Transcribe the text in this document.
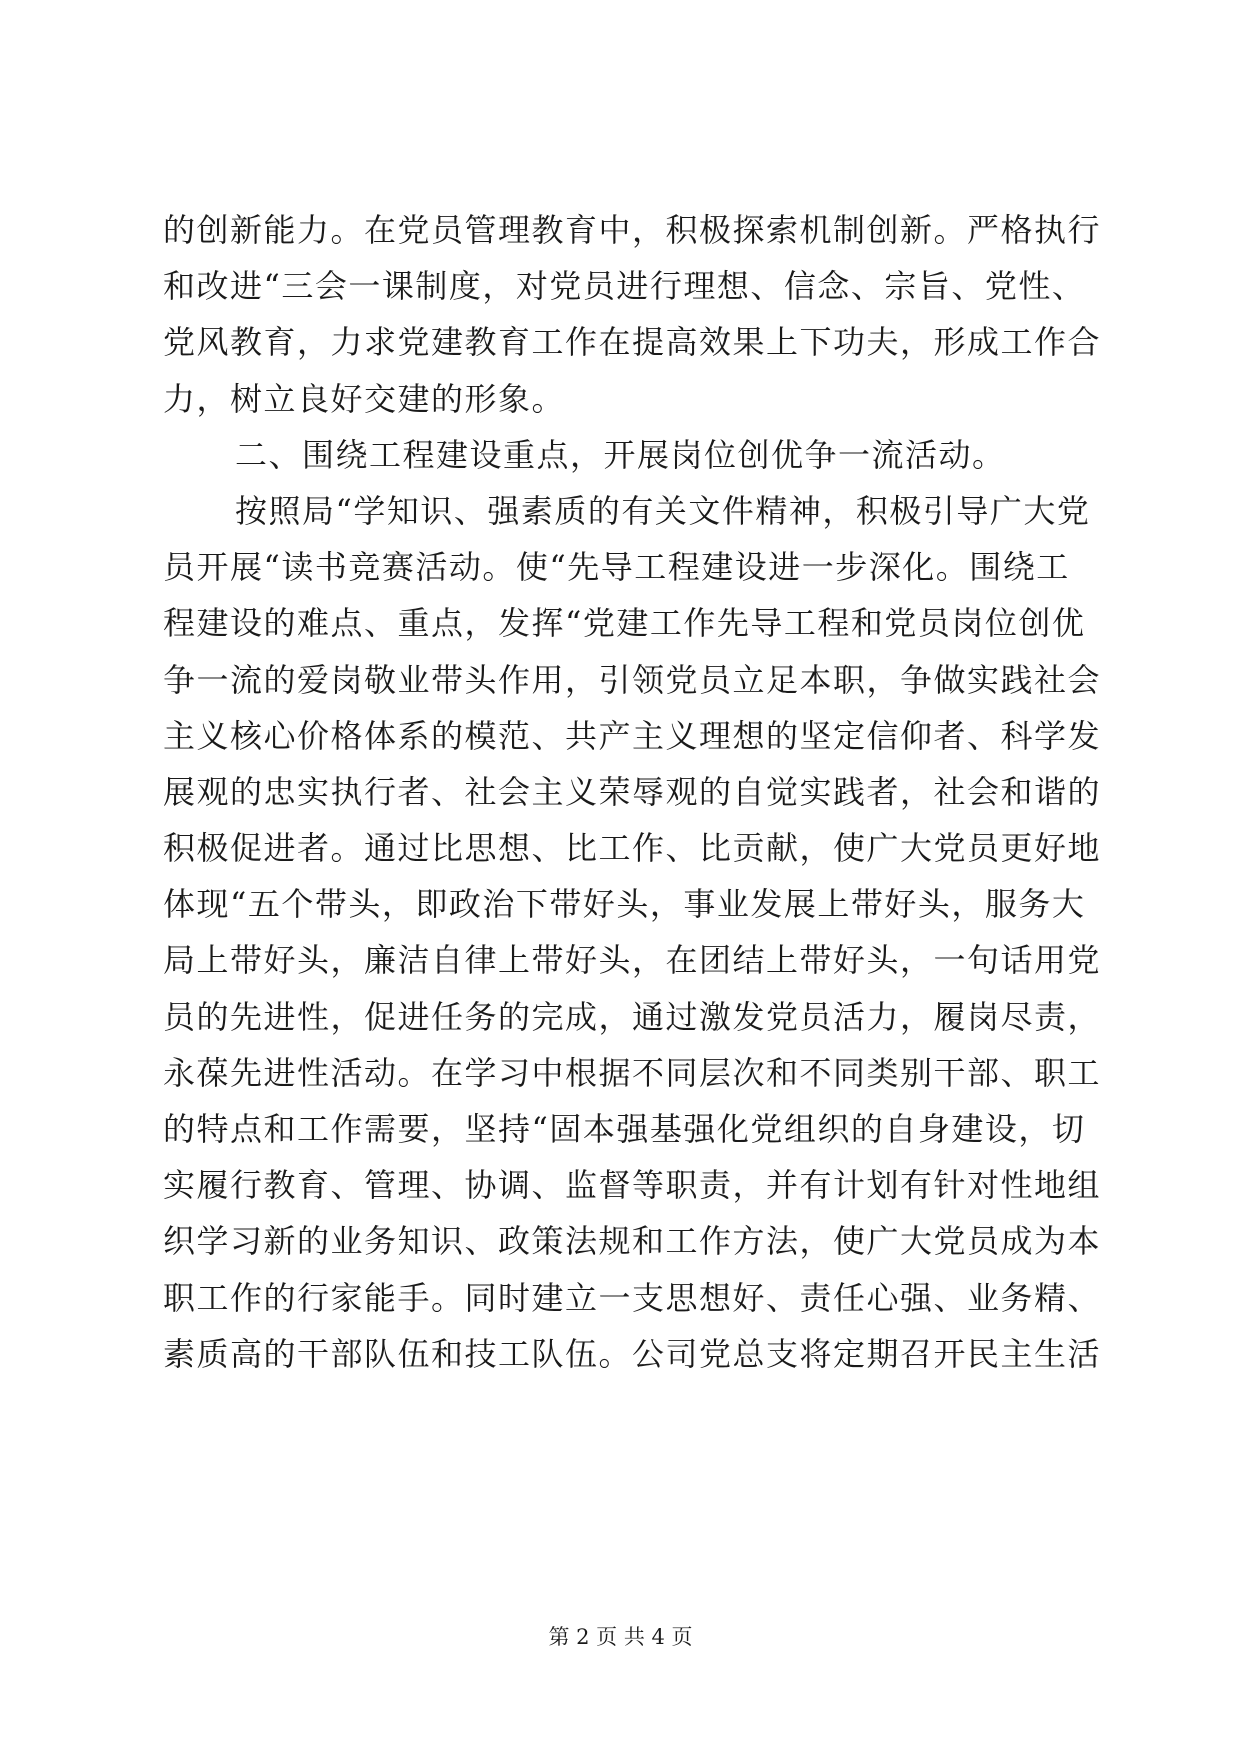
的创新能力。在党员管理教育中，积极探索机制创新。严格执行
和改进“三会一课制度，对党员进行理想、信念、宗旨、党性、
党风教育，力求党建教育工作在提高效果上下功夫，形成工作合
力，树立良好交建的形象。
二、围绕工程建设重点，开展岗位创优争一流活动。
按照局“学知识、强素质的有关文件精神，积极引导广大党
员开展“读书竞赛活动。使“先导工程建设进一步深化。围绕工
程建设的难点、重点，发挥“党建工作先导工程和党员岗位创优
争一流的爱岗敬业带头作用，引领党员立足本职，争做实践社会
主义核心价格体系的模范、共产主义理想的坚定信仰者、科学发
展观的忠实执行者、社会主义荣辱观的自觉实践者，社会和谐的
积极促进者。通过比思想、比工作、比贡献，使广大党员更好地
体现“五个带头，即政治下带好头，事业发展上带好头，服务大
局上带好头，廉洁自律上带好头，在团结上带好头，一句话用党
员的先进性，促进任务的完成，通过激发党员活力，履岗尽责，
永葆先进性活动。在学习中根据不同层次和不同类别干部、职工
的特点和工作需要，坚持“固本强基强化党组织的自身建设，切
实履行教育、管理、协调、监督等职责，并有计划有针对性地组
织学习新的业务知识、政策法规和工作方法，使广大党员成为本
职工作的行家能手。同时建立一支思想好、责任心强、业务精、
素质高的干部队伍和技工队伍。公司党总支将定期召开民主生活
第 2 页 共 4 页
